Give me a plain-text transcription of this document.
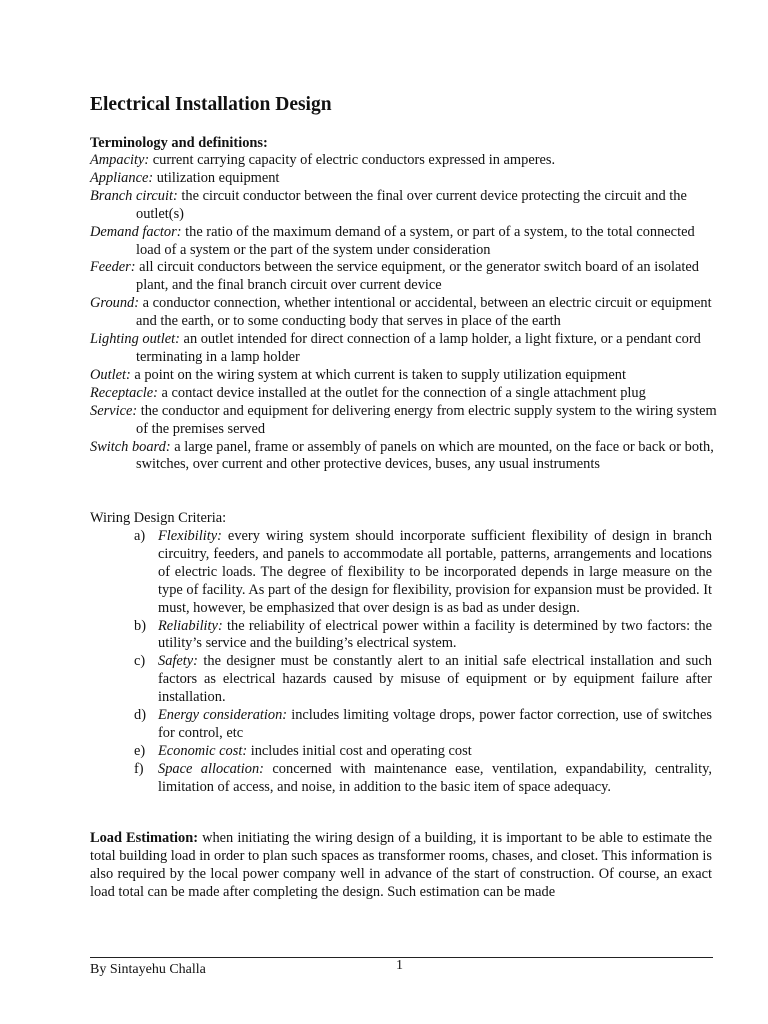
Electrical Installation Design
Terminology and definitions:
Ampacity: current carrying capacity of electric conductors expressed in amperes.
Appliance: utilization equipment
Branch circuit: the circuit conductor between the final over current device protecting the circuit and the outlet(s)
Demand factor: the ratio of the maximum demand of a system, or part of a system, to the total connected load of a system or the part of the system under consideration
Feeder: all circuit conductors between the service equipment, or the generator switch board of an isolated plant, and the final branch circuit over current device
Ground: a conductor connection, whether intentional or accidental, between an electric circuit or equipment and the earth, or to some conducting body that serves in place of the earth
Lighting outlet: an outlet intended for direct connection of a lamp holder, a light fixture, or a pendant cord terminating in a lamp holder
Outlet: a point on the wiring system at which current is taken to supply utilization equipment
Receptacle: a contact device installed at the outlet for the connection of a single attachment plug
Service: the conductor and equipment for delivering energy from electric supply system to the wiring system of the premises served
Switch board: a large panel, frame or assembly of panels on which are mounted, on the face or back or both, switches, over current and other protective devices, buses, any usual instruments
Wiring Design Criteria:
a) Flexibility: every wiring system should incorporate sufficient flexibility of design in branch circuitry, feeders, and panels to accommodate all portable, patterns, arrangements and locations of electric loads. The degree of flexibility to be incorporated depends in large measure on the type of facility. As part of the design for flexibility, provision for expansion must be provided. It must, however, be emphasized that over design is as bad as under design.
b) Reliability: the reliability of electrical power within a facility is determined by two factors: the utility’s service and the building’s electrical system.
c) Safety: the designer must be constantly alert to an initial safe electrical installation and such factors as electrical hazards caused by misuse of equipment or by equipment failure after installation.
d) Energy consideration: includes limiting voltage drops, power factor correction, use of switches for control, etc
e) Economic cost: includes initial cost and operating cost
f) Space allocation: concerned with maintenance ease, ventilation, expandability, centrality, limitation of access, and noise, in addition to the basic item of space adequacy.
Load Estimation: when initiating the wiring design of a building, it is important to be able to estimate the total building load in order to plan such spaces as transformer rooms, chases, and closet. This information is also required by the local power company well in advance of the start of construction. Of course, an exact load total can be made after completing the design. Such estimation can be made
By Sintayehu Challa	1
